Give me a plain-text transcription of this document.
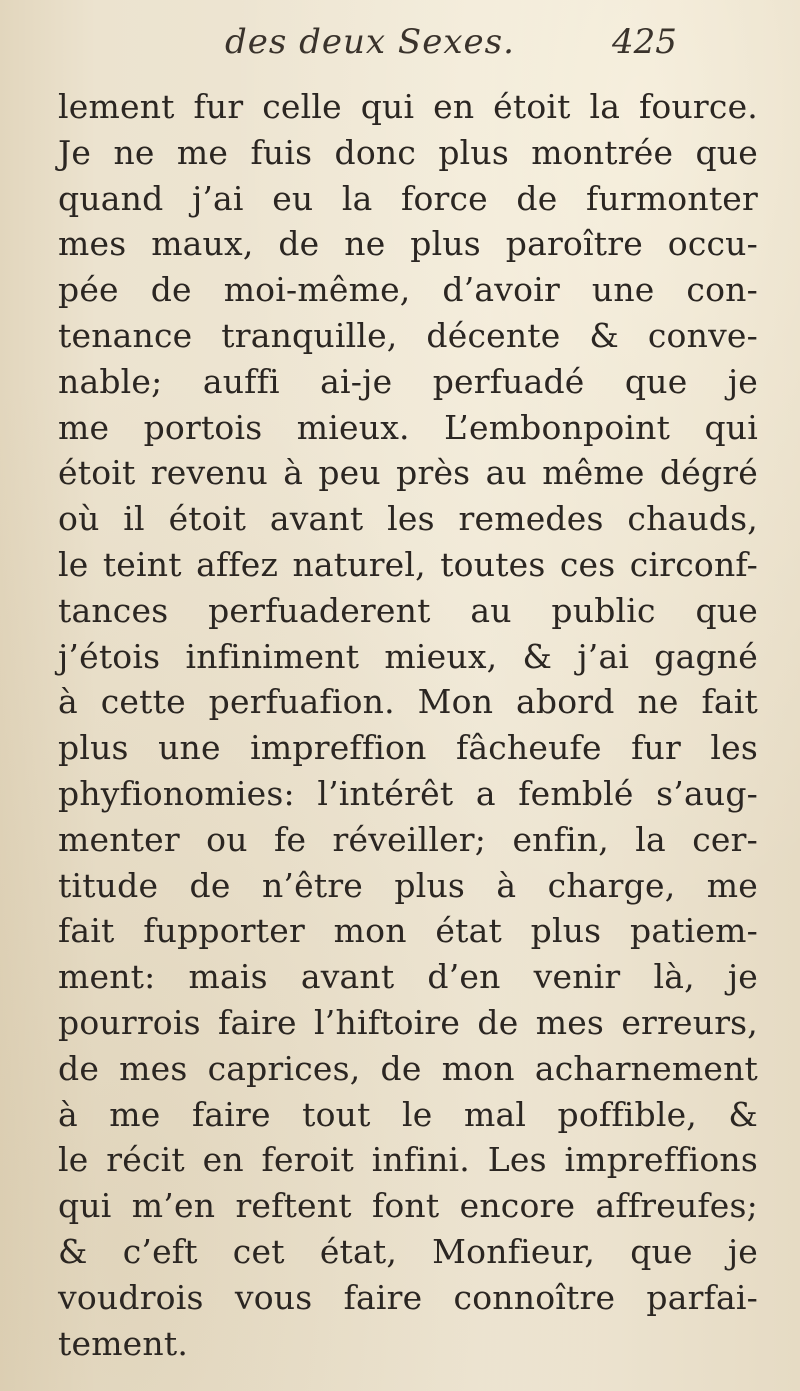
des deux Sexes.	425
lement fur celle qui en étoit la fource.
Je ne me fuis donc plus montrée que
quand j’ai eu la force de furmonter
mes maux, de ne plus paroître occu-
pée de moi-même, d’avoir une con-
tenance tranquille, décente & conve-
nable; auffi ai-je perfuadé que je
me portois mieux. L’embonpoint qui
étoit revenu à peu près au même dégré
où il étoit avant les remedes chauds,
le teint affez naturel, toutes ces circonf-
tances perfuaderent au public que
j’étois infiniment mieux, & j’ai gagné
à cette perfuafion. Mon abord ne fait
plus une impreffion fâcheufe fur les
phyfionomies: l’intérêt a femblé s’aug-
menter ou fe réveiller; enfin, la cer-
titude de n’être plus à charge, me
fait fupporter mon état plus patiem-
ment: mais avant d’en venir là, je
pourrois faire l’hiftoire de mes erreurs,
de mes caprices, de mon acharnement
à me faire tout le mal poffible, &
le récit en feroit infini. Les impreffions
qui m’en reftent font encore affreufes;
& c’eft cet état, Monfieur, que je
voudrois vous faire connoître parfai-
tement.
